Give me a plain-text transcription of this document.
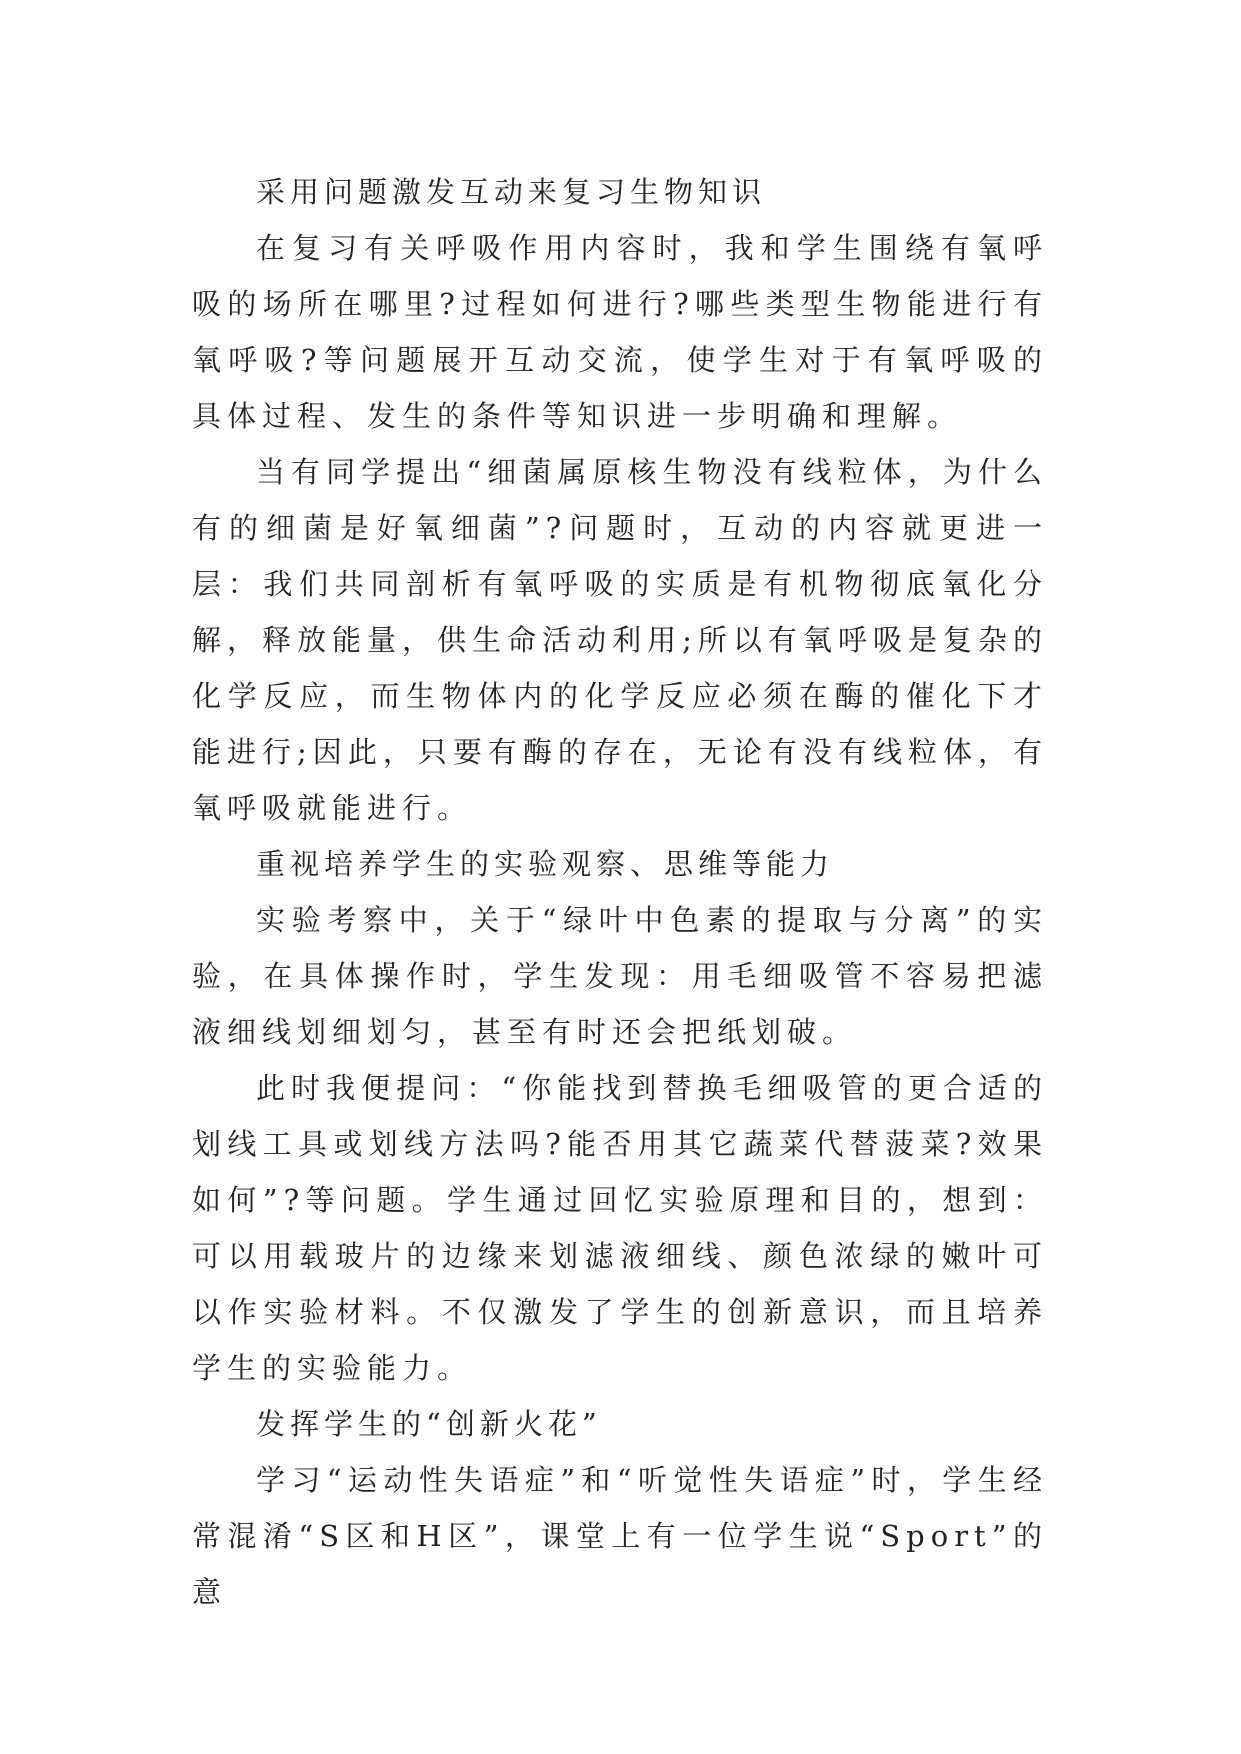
采用问题激发互动来复习生物知识

在复习有关呼吸作用内容时，我和学生围绕有氧呼吸的场所在哪里?过程如何进行?哪些类型生物能进行有氧呼吸?等问题展开互动交流，使学生对于有氧呼吸的具体过程、发生的条件等知识进一步明确和理解。

当有同学提出“细菌属原核生物没有线粒体，为什么有的细菌是好氧细菌”?问题时，互动的内容就更进一层：我们共同剖析有氧呼吸的实质是有机物彻底氧化分解，释放能量，供生命活动利用;所以有氧呼吸是复杂的化学反应，而生物体内的化学反应必须在酶的催化下才能进行;因此，只要有酶的存在，无论有没有线粒体，有氧呼吸就能进行。

重视培养学生的实验观察、思维等能力

实验考察中，关于“绿叶中色素的提取与分离”的实验，在具体操作时，学生发现：用毛细吸管不容易把滤液细线划细划匀，甚至有时还会把纸划破。

此时我便提问：“你能找到替换毛细吸管的更合适的划线工具或划线方法吗?能否用其它蔬菜代替菠菜?效果如何”?等问题。学生通过回忆实验原理和目的，想到：可以用载玻片的边缘来划滤液细线、颜色浓绿的嫩叶可以作实验材料。不仅激发了学生的创新意识，而且培养学生的实验能力。

发挥学生的“创新火花”

学习“运动性失语症”和“听觉性失语症”时，学生经常混淆“S区和H区”，课堂上有一位学生说“Sport”的意
